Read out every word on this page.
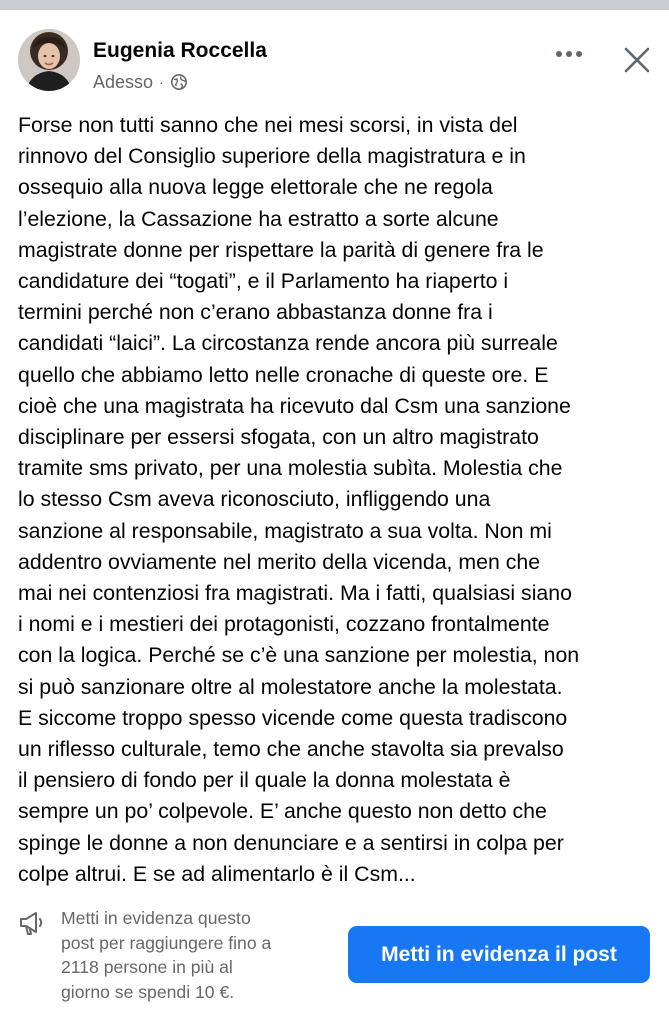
Eugenia Roccella
Adesso ·
Forse non tutti sanno che nei mesi scorsi, in vista del
rinnovo del Consiglio superiore della magistratura e in
ossequio alla nuova legge elettorale che ne regola
l’elezione, la Cassazione ha estratto a sorte alcune
magistrate donne per rispettare la parità di genere fra le
candidature dei “togati”, e il Parlamento ha riaperto i
termini perché non c’erano abbastanza donne fra i
candidati “laici”. La circostanza rende ancora più surreale
quello che abbiamo letto nelle cronache di queste ore. E
cioè che una magistrata ha ricevuto dal Csm una sanzione
disciplinare per essersi sfogata, con un altro magistrato
tramite sms privato, per una molestia subìta. Molestia che
lo stesso Csm aveva riconosciuto, infliggendo una
sanzione al responsabile, magistrato a sua volta. Non mi
addentro ovviamente nel merito della vicenda, men che
mai nei contenziosi fra magistrati. Ma i fatti, qualsiasi siano
i nomi e i mestieri dei protagonisti, cozzano frontalmente
con la logica. Perché se c’è una sanzione per molestia, non
si può sanzionare oltre al molestatore anche la molestata.
E siccome troppo spesso vicende come questa tradiscono
un riflesso culturale, temo che anche stavolta sia prevalso
il pensiero di fondo per il quale la donna molestata è
sempre un po’ colpevole. E’ anche questo non detto che
spinge le donne a non denunciare e a sentirsi in colpa per
colpe altrui. E se ad alimentarlo è il Csm...
Metti in evidenza questo
post per raggiungere fino a
2118 persone in più al
giorno se spendi 10 €.
Metti in evidenza il post
